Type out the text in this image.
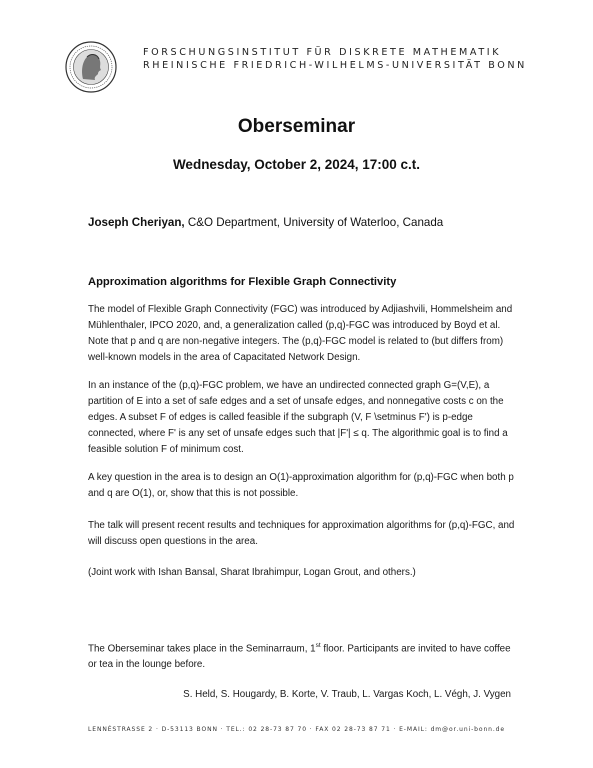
FORSCHUNGSINSTITUT FÜR DISKRETE MATHEMATIK
RHEINISCHE FRIEDRICH-WILHELMS-UNIVERSITÄT BONN
Oberseminar
Wednesday, October 2, 2024, 17:00 c.t.
Joseph Cheriyan, C&O Department, University of Waterloo, Canada
Approximation algorithms for Flexible Graph Connectivity
The model of Flexible Graph Connectivity (FGC) was introduced by Adjiashvili, Hommelsheim and Mühlenthaler, IPCO 2020, and, a generalization called (p,q)-FGC was introduced by Boyd et al. Note that p and q are non-negative integers. The (p,q)-FGC model is related to (but differs from) well-known models in the area of Capacitated Network Design.
In an instance of the (p,q)-FGC problem, we have an undirected connected graph G=(V,E), a partition of E into a set of safe edges and a set of unsafe edges, and nonnegative costs c on the edges. A subset F of edges is called feasible if the subgraph (V, F \setminus F') is p-edge connected, where F' is any set of unsafe edges such that |F'| ≤ q. The algorithmic goal is to find a feasible solution F of minimum cost.
A key question in the area is to design an O(1)-approximation algorithm for (p,q)-FGC when both p and q are O(1), or, show that this is not possible.
The talk will present recent results and techniques for approximation algorithms for (p,q)-FGC, and will discuss open questions in the area.
(Joint work with Ishan Bansal, Sharat Ibrahimpur, Logan Grout, and others.)
The Oberseminar takes place in the Seminarraum, 1st floor. Participants are invited to have coffee or tea in the lounge before.
S. Held, S. Hougardy, B. Korte, V. Traub, L. Vargas Koch, L. Végh, J. Vygen
LENNÉSTRASSE 2 · D-53113 BONN · TEL.: 02 28-73 87 70 · FAX 02 28-73 87 71 · E-MAIL: dm@or.uni-bonn.de
